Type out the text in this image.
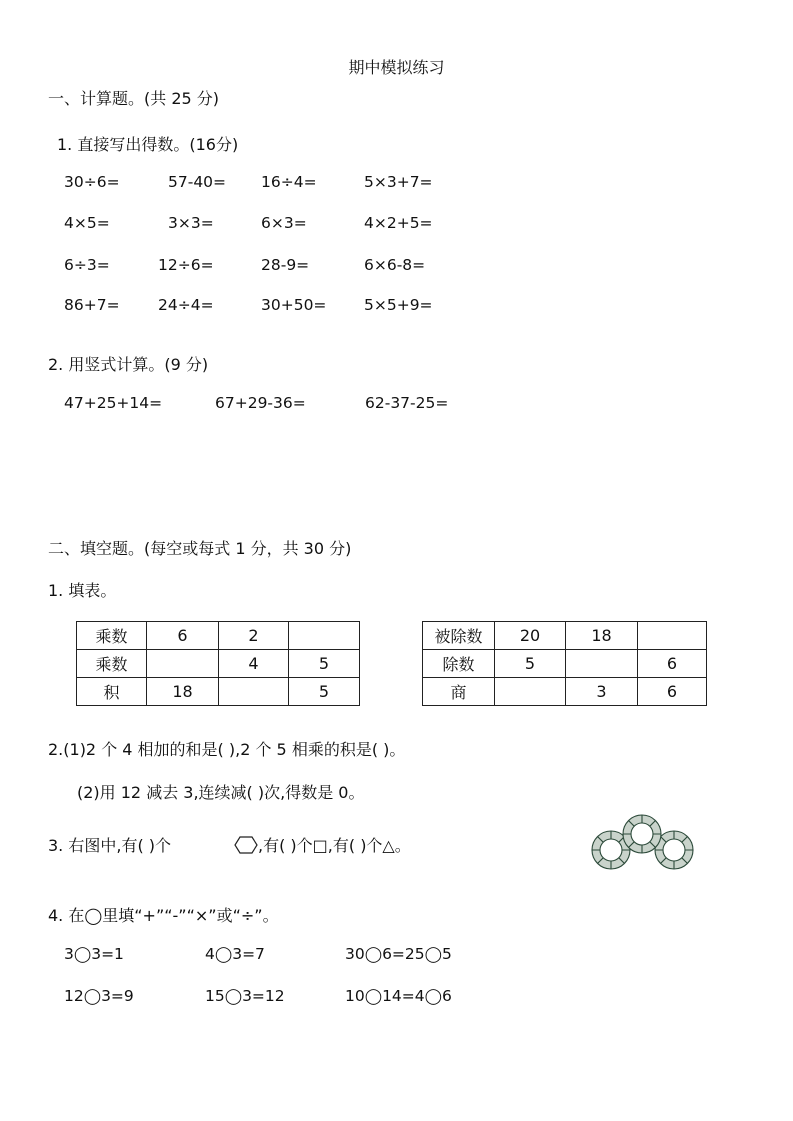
期中模拟练习
一、计算题。(共 25 分)
1. 直接写出得数。(16分)
30÷6=	57-40= 16÷4=	5×3+7=
4×5=	3×3=	6×3=	4×2+5=
6÷3=	12÷6=	28-9=	6×6-8=
86+7= 24÷4=	30+50= 5×5+9=
2. 用竖式计算。(9 分)
47+25+14=	67+29-36=	62-37-25=
二、填空题。(每空或每式 1 分，共 30 分)
1. 填表。
乘数	6	2	
乘数		4	5
积	18		5
被除数	20	18	
除数	5		6
商		3	6
2.(1)2 个 4 相加的和是( ),2 个 5 相乘的积是( )。
(2)用 12 减去 3,连续减( )次,得数是 0。
3. 右图中,有( )个	,有( )个□,有( )个△。
4. 在◯里填“+”“-”“×”或“÷”。
3◯3=1	4◯3=7	30◯6=25◯5
12◯3=9	15◯3=12	10◯14=4◯6
